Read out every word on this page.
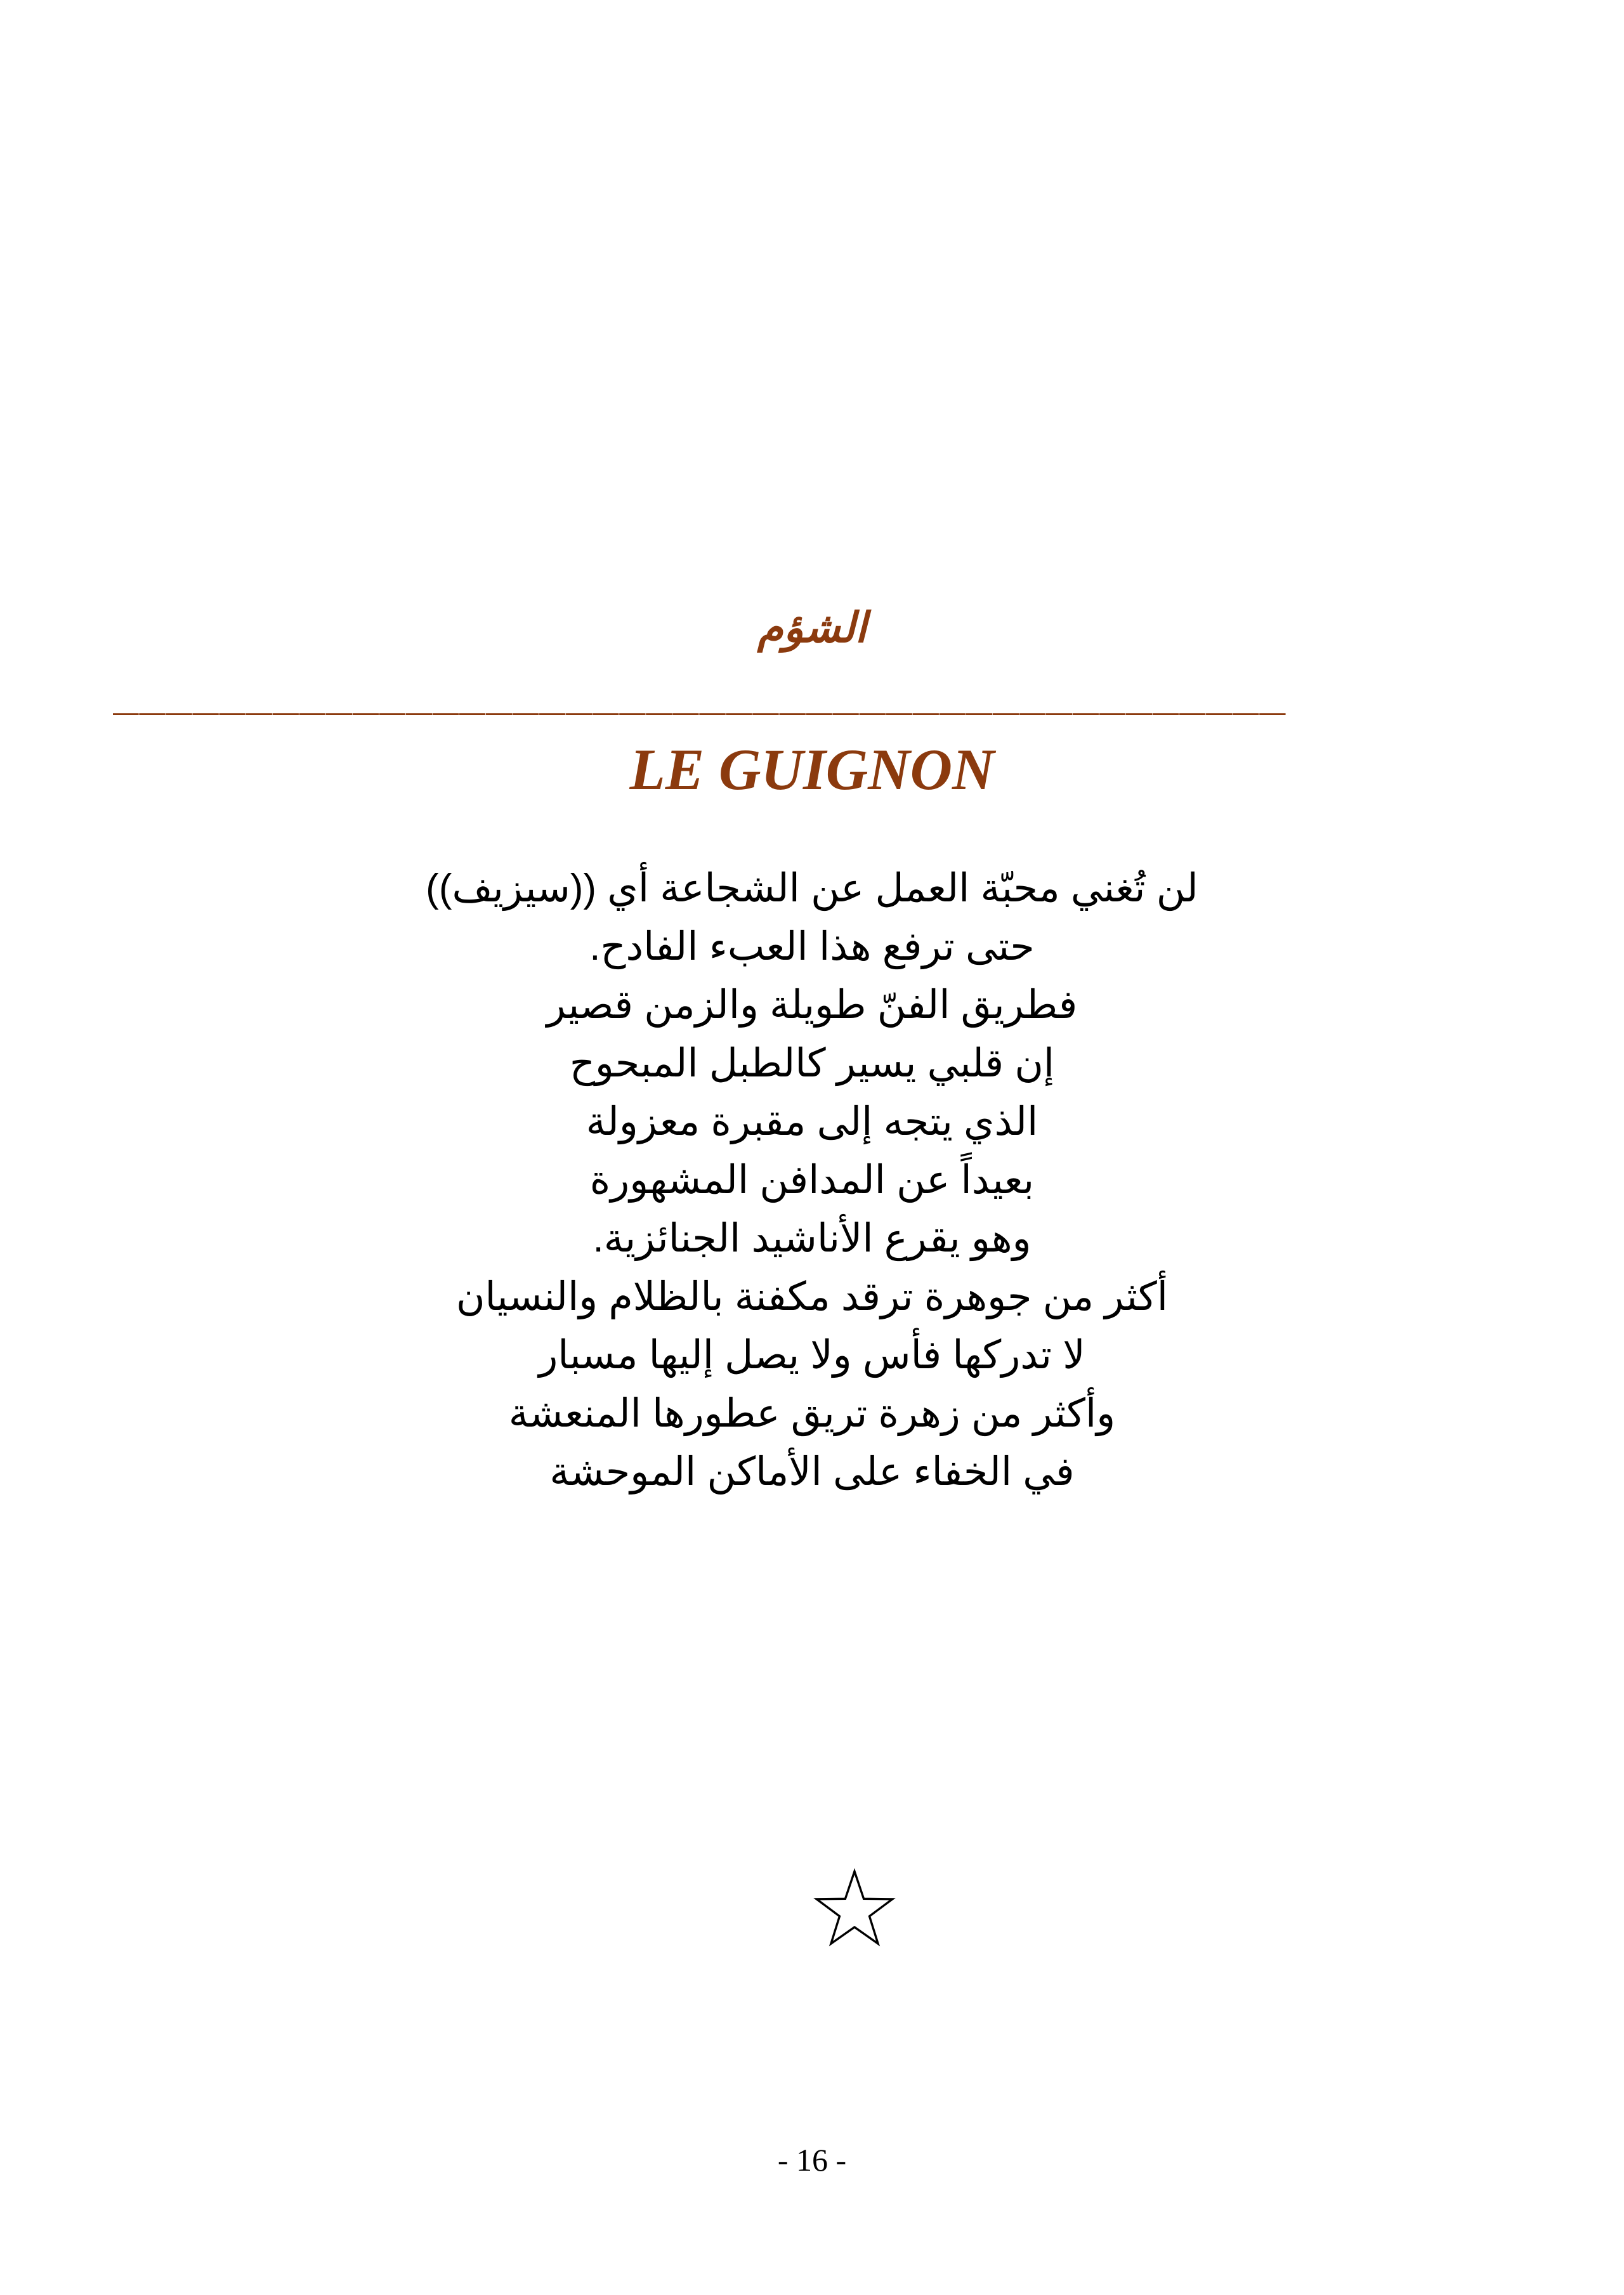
الشؤم
____________________________________________
LE GUIGNON
لن تُغني محبّة العمل عن الشجاعة أي ((سيزيف))
حتى ترفع هذا العبء الفادح.
فطريق الفنّ طويلة والزمن قصير
إن قلبي يسير كالطبل المبحوح
الذي يتجه إلى مقبرة معزولة
بعيداً عن المدافن المشهورة
وهو يقرع الأناشيد الجنائزية.
أكثر من جوهرة ترقد مكفنة بالظلام والنسيان
لا تدركها فأس ولا يصل إليها مسبار
وأكثر من زهرة تريق عطورها المنعشة
في الخفاء على الأماكن الموحشة
- 16 -
